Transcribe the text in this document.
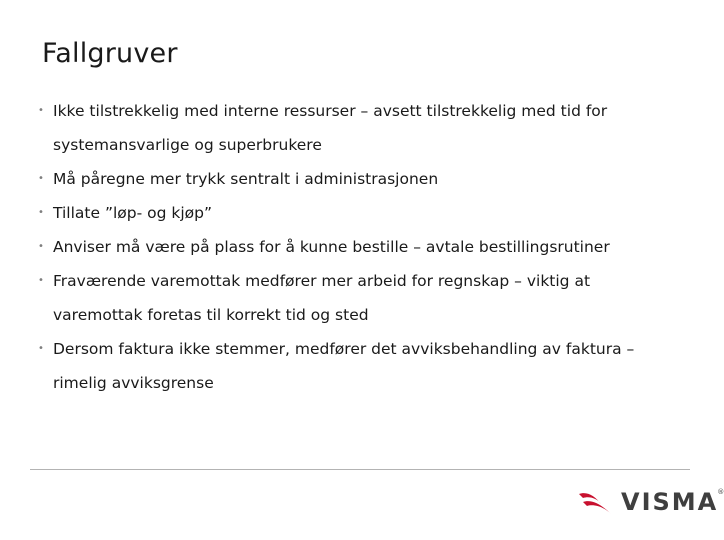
Fallgruver
• Ikke tilstrekkelig med interne ressurser – avsett tilstrekkelig med tid for systemansvarlige og superbrukere
• Må påregne mer trykk sentralt i administrasjonen
• Tillate ”løp- og kjøp”
• Anviser må være på plass for å kunne bestille – avtale bestillingsrutiner
• Fraværende varemottak medfører mer arbeid for regnskap – viktig at varemottak foretas til korrekt tid og sted
• Dersom faktura ikke stemmer, medfører det avviksbehandling av faktura – rimelig avviksgrense
VISMA ®
